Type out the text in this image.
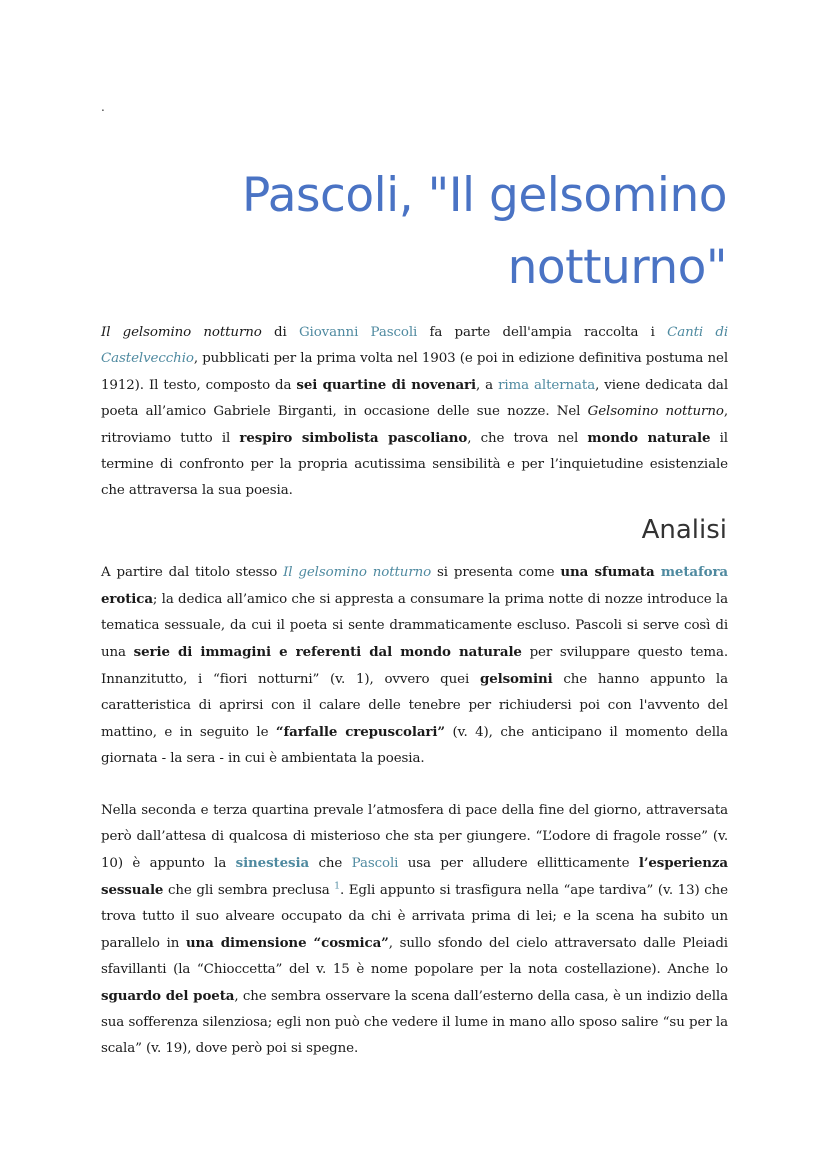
.
Pascoli, "Il gelsomino notturno"

Il gelsomino notturno di Giovanni Pascoli fa parte dell'ampia raccolta i Canti di Castelvecchio, pubblicati per la prima volta nel 1903 (e poi in edizione definitiva postuma nel 1912). Il testo, composto da sei quartine di novenari, a rima alternata, viene dedicata dal poeta all’amico Gabriele Birganti, in occasione delle sue nozze. Nel Gelsomino notturno, ritroviamo tutto il respiro simbolista pascoliano, che trova nel mondo naturale il termine di confronto per la propria acutissima sensibilità e per l’inquietudine esistenziale che attraversa la sua poesia.

Analisi

A partire dal titolo stesso Il gelsomino notturno si presenta come una sfumata metafora erotica; la dedica all’amico che si appresta a consumare la prima notte di nozze introduce la tematica sessuale, da cui il poeta si sente drammaticamente escluso. Pascoli si serve così di una serie di immagini e referenti dal mondo naturale per sviluppare questo tema. Innanzitutto, i “fiori notturni” (v. 1), ovvero quei gelsomini che hanno appunto la caratteristica di aprirsi con il calare delle tenebre per richiudersi poi con l'avvento del mattino, e in seguito le “farfalle crepuscolari” (v. 4), che anticipano il momento della giornata - la sera - in cui è ambientata la poesia.

Nella seconda e terza quartina prevale l’atmosfera di pace della fine del giorno, attraversata però dall’attesa di qualcosa di misterioso che sta per giungere. “L’odore di fragole rosse” (v. 10) è appunto la sinestesia che Pascoli usa per alludere ellitticamente l’esperienza sessuale che gli sembra preclusa $^1$. Egli appunto si trasfigura nella “ape tardiva” (v. 13) che trova tutto il suo alveare occupato da chi è arrivata prima di lei; e la scena ha subito un parallelo in una dimensione “cosmica”, sullo sfondo del cielo attraversato dalle Pleiadi sfavillanti (la “Chioccetta” del v. 15 è nome popolare per la nota costellazione). Anche lo sguardo del poeta, che sembra osservare la scena dall’esterno della casa, è un indizio della sua sofferenza silenziosa; egli non può che vedere il lume in mano allo sposo salire “su per la scala” (v. 19), dove però poi si spegne.
